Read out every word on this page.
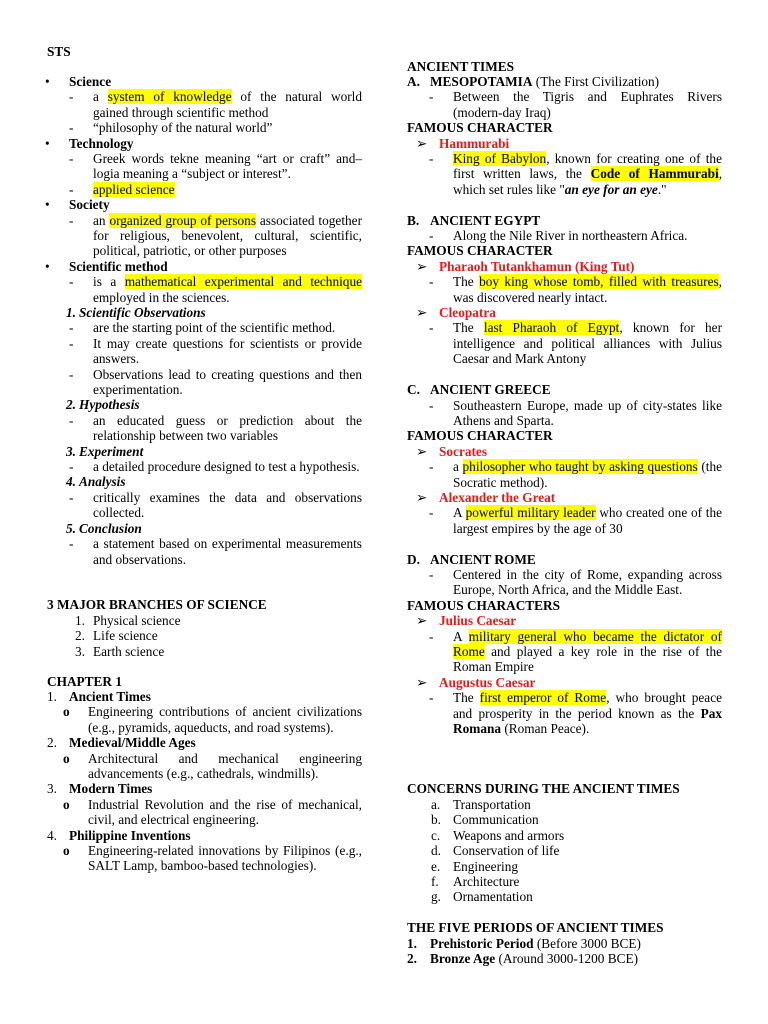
STS
• Science
- a system of knowledge of the natural world gained through scientific method
- “philosophy of the natural world”
• Technology
- Greek words tekne meaning “art or craft” and– logia meaning a “subject or interest”.
- applied science
• Society
- an organized group of persons associated together for religious, benevolent, cultural, scientific, political, patriotic, or other purposes
• Scientific method
- is a mathematical experimental and technique employed in the sciences.
1. Scientific Observations
- are the starting point of the scientific method.
- It may create questions for scientists or provide answers.
- Observations lead to creating questions and then experimentation.
2. Hypothesis
- an educated guess or prediction about the relationship between two variables
3. Experiment
- a detailed procedure designed to test a hypothesis.
4. Analysis
- critically examines the data and observations collected.
5. Conclusion
- a statement based on experimental measurements and observations.
3 MAJOR BRANCHES OF SCIENCE
1. Physical science
2. Life science
3. Earth science
CHAPTER 1
1. Ancient Times
o Engineering contributions of ancient civilizations (e.g., pyramids, aqueducts, and road systems).
2. Medieval/Middle Ages
o Architectural and mechanical engineering advancements (e.g., cathedrals, windmills).
3. Modern Times
o Industrial Revolution and the rise of mechanical, civil, and electrical engineering.
4. Philippine Inventions
o Engineering-related innovations by Filipinos (e.g., SALT Lamp, bamboo-based technologies).
ANCIENT TIMES
A. MESOPOTAMIA (The First Civilization)
- Between the Tigris and Euphrates Rivers (modern-day Iraq)
FAMOUS CHARACTER
➢ Hammurabi
- King of Babylon, known for creating one of the first written laws, the Code of Hammurabi, which set rules like "an eye for an eye."
B. ANCIENT EGYPT
- Along the Nile River in northeastern Africa.
FAMOUS CHARACTER
➢ Pharaoh Tutankhamun (King Tut)
- The boy king whose tomb, filled with treasures, was discovered nearly intact.
➢ Cleopatra
- The last Pharaoh of Egypt, known for her intelligence and political alliances with Julius Caesar and Mark Antony
C. ANCIENT GREECE
- Southeastern Europe, made up of city-states like Athens and Sparta.
FAMOUS CHARACTER
➢ Socrates
- a philosopher who taught by asking questions (the Socratic method).
➢ Alexander the Great
- A powerful military leader who created one of the largest empires by the age of 30
D. ANCIENT ROME
- Centered in the city of Rome, expanding across Europe, North Africa, and the Middle East.
FAMOUS CHARACTERS
➢ Julius Caesar
- A military general who became the dictator of Rome and played a key role in the rise of the Roman Empire
➢ Augustus Caesar
- The first emperor of Rome, who brought peace and prosperity in the period known as the Pax Romana (Roman Peace).
CONCERNS DURING THE ANCIENT TIMES
a. Transportation
b. Communication
c. Weapons and armors
d. Conservation of life
e. Engineering
f. Architecture
g. Ornamentation
THE FIVE PERIODS OF ANCIENT TIMES
1. Prehistoric Period (Before 3000 BCE)
2. Bronze Age (Around 3000-1200 BCE)
